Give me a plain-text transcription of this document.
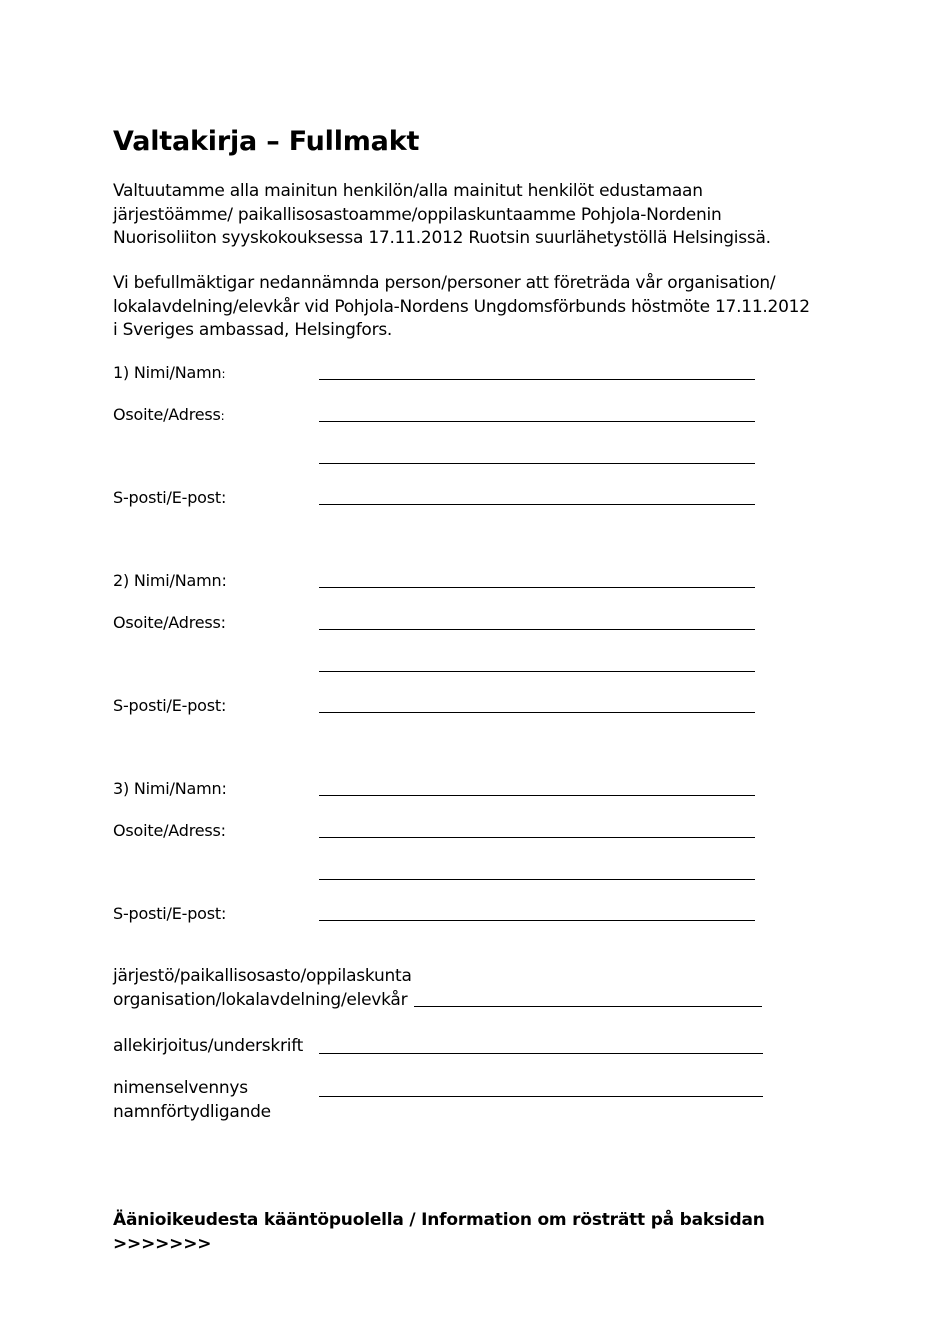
Valtakirja – Fullmakt

Valtuutamme alla mainitun henkilön/alla mainitut henkilöt edustamaan
järjestöämme/ paikallisosastoamme/oppilaskuntaamme Pohjola-Nordenin
Nuorisoliiton syyskokouksessa 17.11.2012 Ruotsin suurlähetystöllä Helsingissä.

Vi befullmäktigar nedannämnda person/personer att företräda vår organisation/
lokalavdelning/elevkår vid Pohjola-Nordens Ungdomsförbunds höstmöte 17.11.2012
i Sveriges ambassad, Helsingfors.

1) Nimi/Namn:
Osoite/Adress:
S-posti/E-post:
2) Nimi/Namn:
Osoite/Adress:
S-posti/E-post:
3) Nimi/Namn:
Osoite/Adress:
S-posti/E-post:
järjestö/paikallisosasto/oppilaskunta
organisation/lokalavdelning/elevkår
allekirjoitus/underskrift
nimenselvennys
namnförtydligande

Äänioikeudesta kääntöpuolella / Information om rösträtt på baksidan
>>>>>>>
